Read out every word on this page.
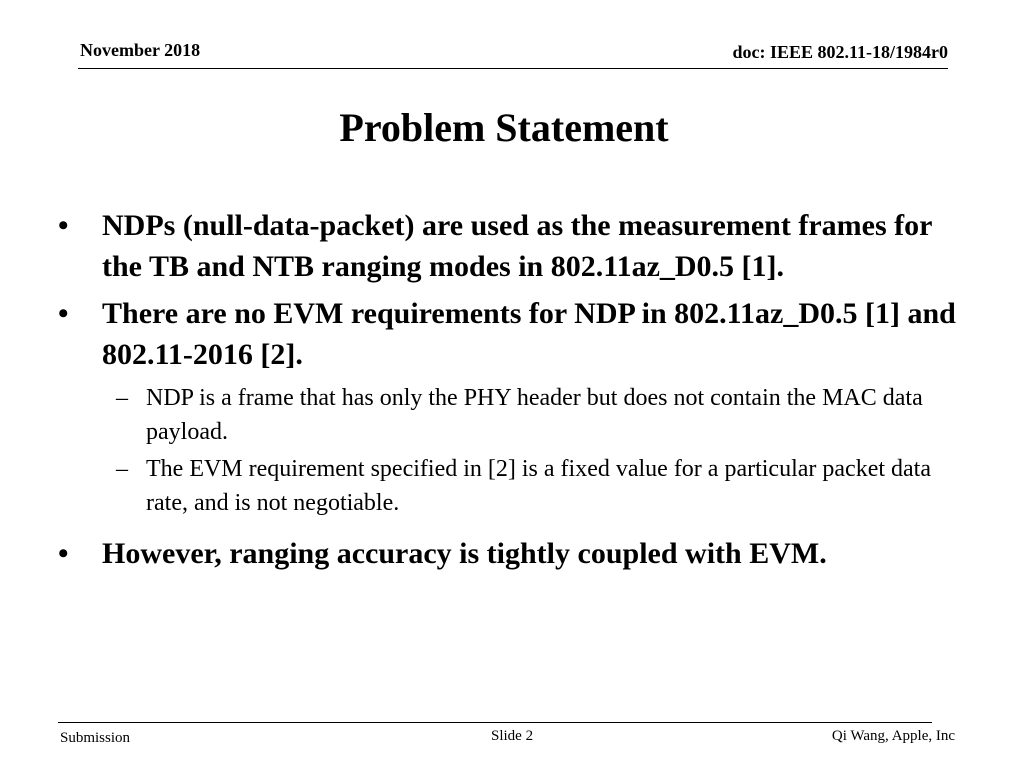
November 2018	doc: IEEE 802.11-18/1984r0
Problem Statement
• NDPs (null-data-packet) are used as the measurement frames for the TB and NTB ranging modes in 802.11az_D0.5 [1].
• There are no EVM requirements for NDP in 802.11az_D0.5 [1] and 802.11-2016 [2].
– NDP is a frame that has only the PHY header but does not contain the MAC data payload.
– The EVM requirement specified in [2] is a fixed value for a particular packet data rate, and is not negotiable.
• However, ranging accuracy is tightly coupled with EVM.
Submission	Slide 2	Qi Wang, Apple, Inc
